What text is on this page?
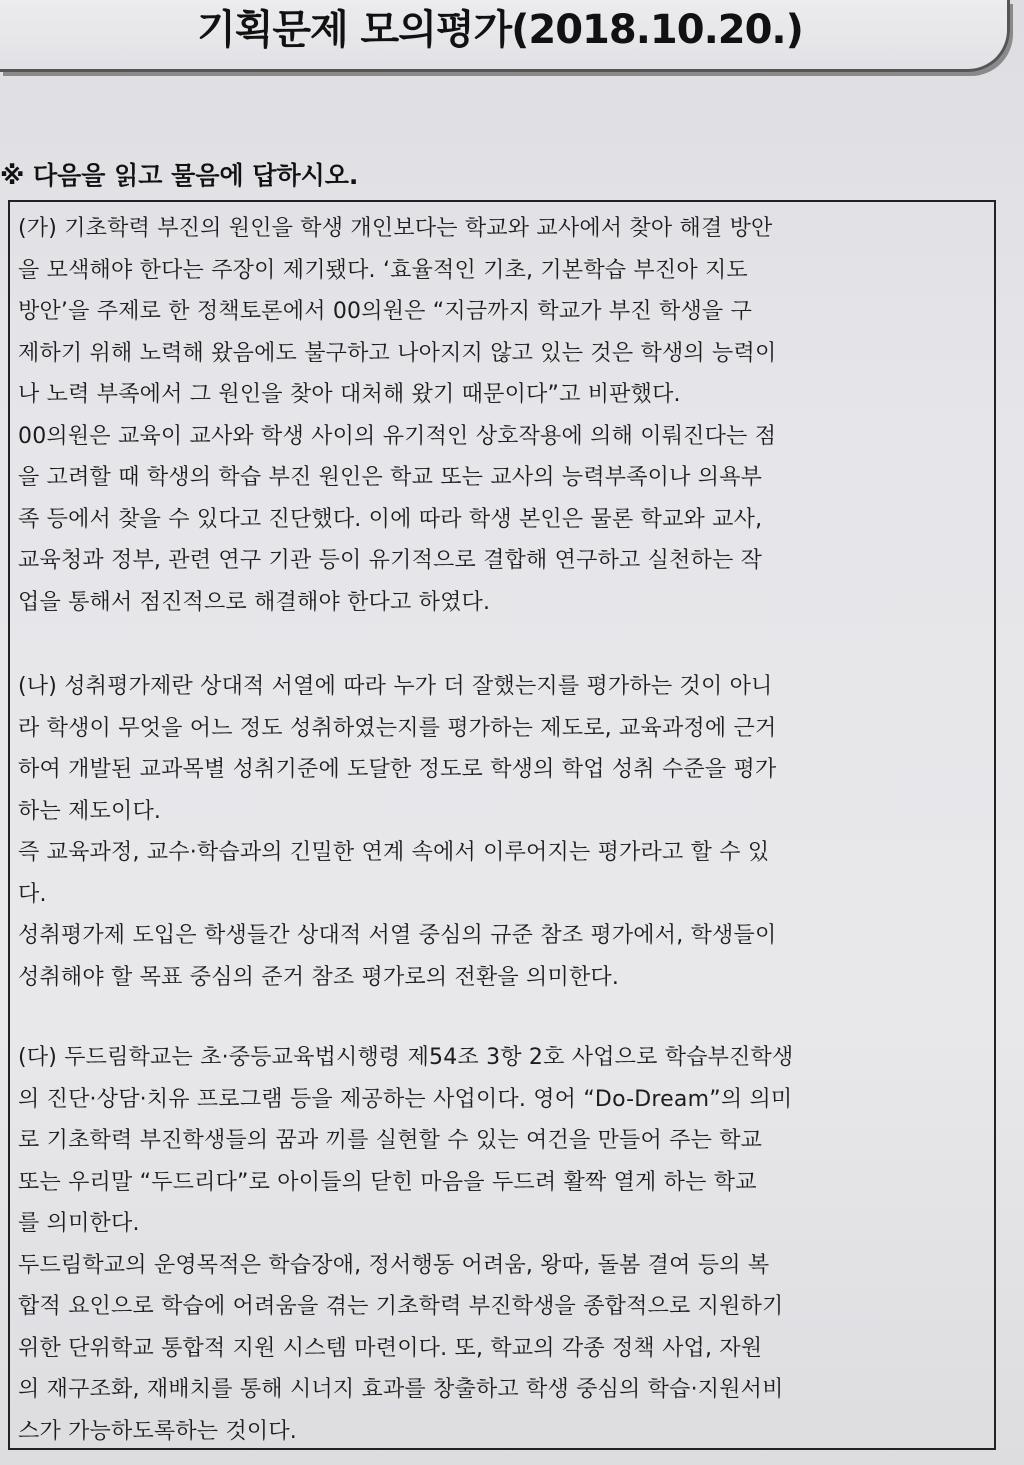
기획문제 모의평가(2018.10.20.)
※ 다음을 읽고 물음에 답하시오.
(가) 기초학력 부진의 원인을 학생 개인보다는 학교와 교사에서 찾아 해결 방안
을 모색해야 한다는 주장이 제기됐다. ‘효율적인 기초, 기본학습 부진아 지도
방안’을 주제로 한 정책토론에서 00의원은 “지금까지 학교가 부진 학생을 구
제하기 위해 노력해 왔음에도 불구하고 나아지지 않고 있는 것은 학생의 능력이
나 노력 부족에서 그 원인을 찾아 대처해 왔기 때문이다”고 비판했다.
00의원은 교육이 교사와 학생 사이의 유기적인 상호작용에 의해 이뤄진다는 점
을 고려할 때 학생의 학습 부진 원인은 학교 또는 교사의 능력부족이나 의욕부
족 등에서 찾을 수 있다고 진단했다. 이에 따라 학생 본인은 물론 학교와 교사,
교육청과 정부, 관련 연구 기관 등이 유기적으로 결합해 연구하고 실천하는 작
업을 통해서 점진적으로 해결해야 한다고 하였다.
(나) 성취평가제란 상대적 서열에 따라 누가 더 잘했는지를 평가하는 것이 아니
라 학생이 무엇을 어느 정도 성취하였는지를 평가하는 제도로, 교육과정에 근거
하여 개발된 교과목별 성취기준에 도달한 정도로 학생의 학업 성취 수준을 평가
하는 제도이다.
즉 교육과정, 교수·학습과의 긴밀한 연계 속에서 이루어지는 평가라고 할 수 있
다.
성취평가제 도입은 학생들간 상대적 서열 중심의 규준 참조 평가에서, 학생들이
성취해야 할 목표 중심의 준거 참조 평가로의 전환을 의미한다.
(다) 두드림학교는 초·중등교육법시행령 제54조 3항 2호 사업으로 학습부진학생
의 진단·상담·치유 프로그램 등을 제공하는 사업이다. 영어 “Do-Dream”의 의미
로 기초학력 부진학생들의 꿈과 끼를 실현할 수 있는 여건을 만들어 주는 학교
또는 우리말 “두드리다”로 아이들의 닫힌 마음을 두드려 활짝 열게 하는 학교
를 의미한다.
두드림학교의 운영목적은 학습장애, 정서행동 어려움, 왕따, 돌봄 결여 등의 복
합적 요인으로 학습에 어려움을 겪는 기초학력 부진학생을 종합적으로 지원하기
위한 단위학교 통합적 지원 시스템 마련이다. 또, 학교의 각종 정책 사업, 자원
의 재구조화, 재배치를 통해 시너지 효과를 창출하고 학생 중심의 학습·지원서비
스가 가능하도록하는 것이다.
